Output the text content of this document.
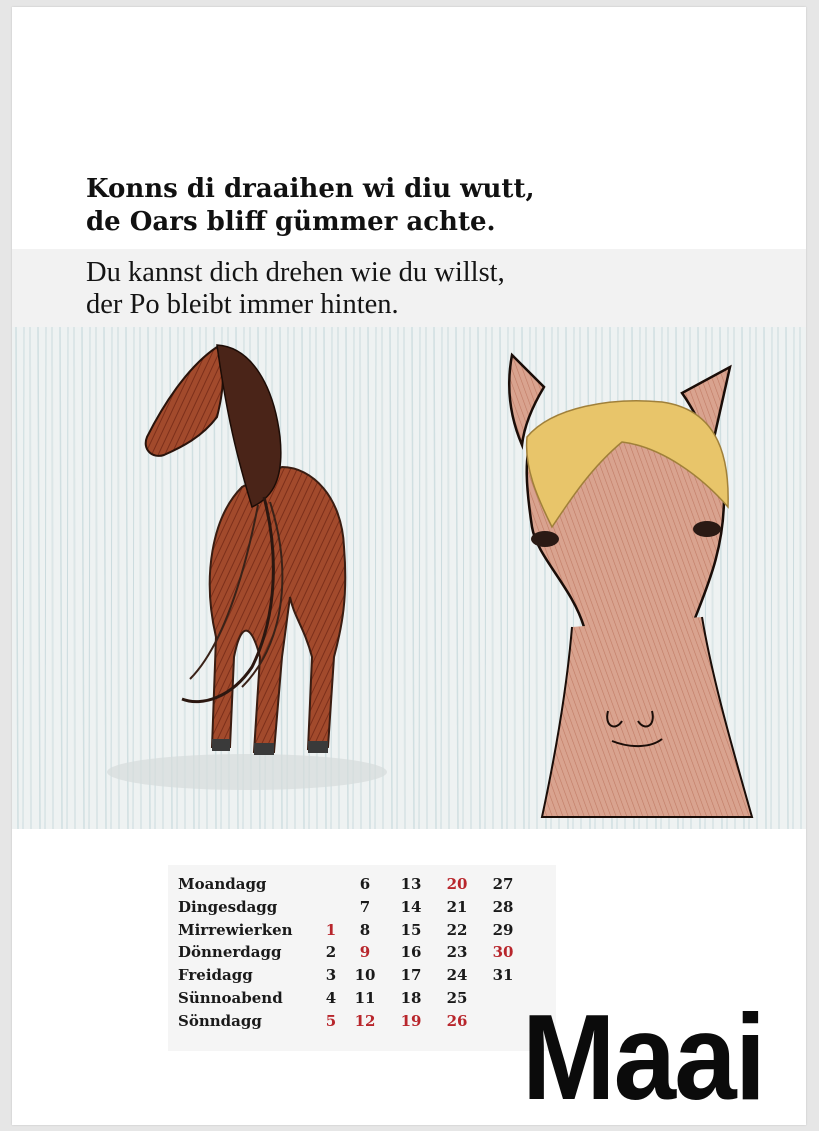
Konns di draaihen wi diu wutt,
de Oars bliff gümmer achte.
Du kannst dich drehen wie du willst,
der Po bleibt immer hinten.
Moandagg		6	13	20	27
Dingesdagg		7	14	21	28
Mirrewierken	1	8	15	22	29
Dönnerdagg	2	9	16	23	30
Freidagg	3	10	17	24	31
Sünnoabend	4	11	18	25	
Sönndagg	5	12	19	26	Maai
